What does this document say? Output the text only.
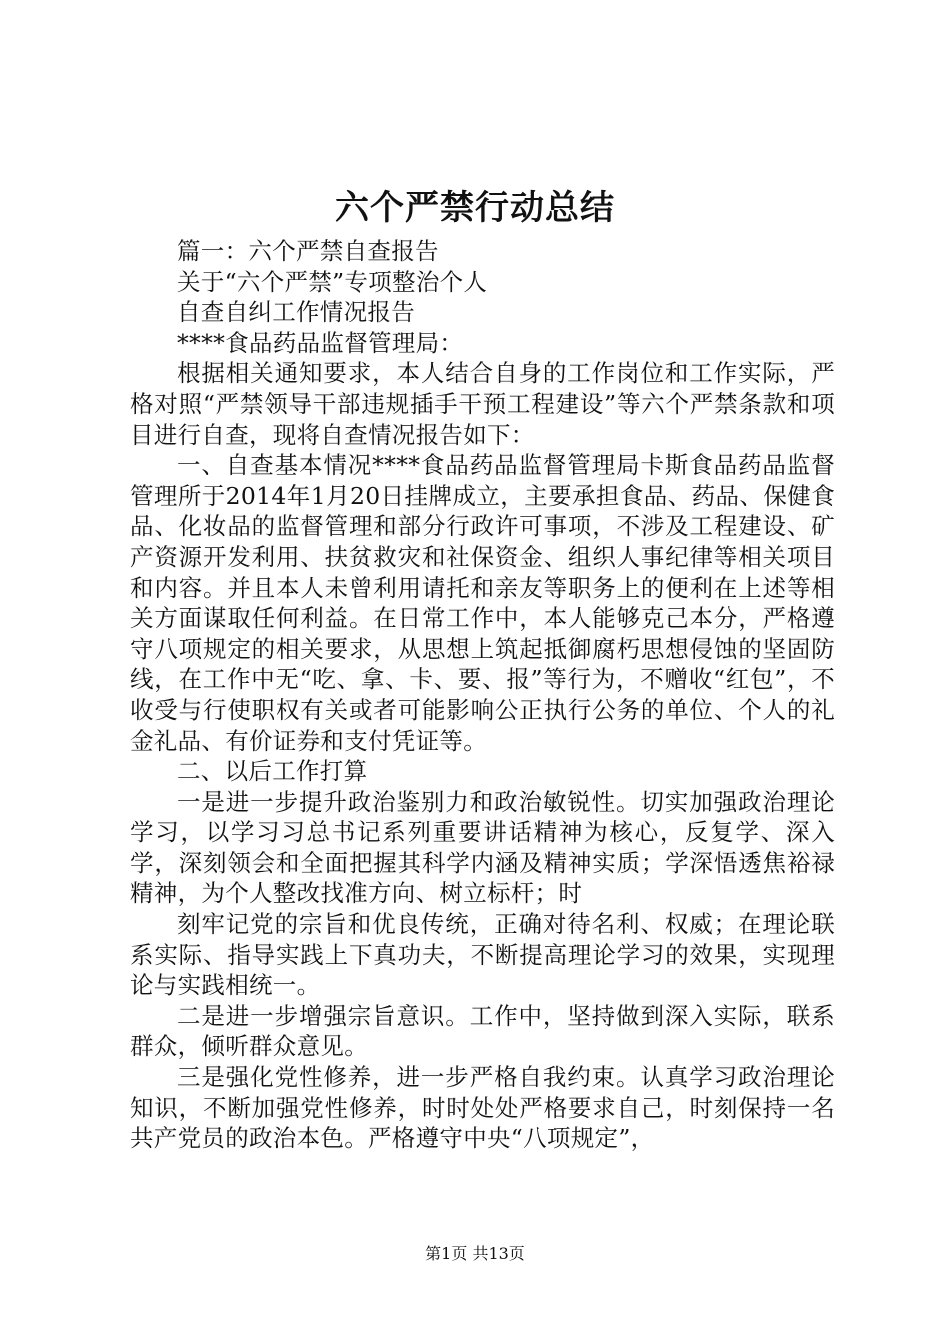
六个严禁行动总结

篇一：六个严禁自查报告

关于“六个严禁”专项整治个人

自查自纠工作情况报告

****食品药品监督管理局：

根据相关通知要求，本人结合自身的工作岗位和工作实际，严格对照“严禁领导干部违规插手干预工程建设”等六个严禁条款和项目进行自查，现将自查情况报告如下：

一、自查基本情况****食品药品监督管理局卡斯食品药品监督管理所于2014年1月20日挂牌成立，主要承担食品、药品、保健食品、化妆品的监督管理和部分行政许可事项，不涉及工程建设、矿产资源开发利用、扶贫救灾和社保资金、组织人事纪律等相关项目和内容。并且本人未曾利用请托和亲友等职务上的便利在上述等相关方面谋取任何利益。在日常工作中，本人能够克己本分，严格遵守八项规定的相关要求，从思想上筑起抵御腐朽思想侵蚀的坚固防线，在工作中无“吃、拿、卡、要、报”等行为，不赠收“红包”，不收受与行使职权有关或者可能影响公正执行公务的单位、个人的礼金礼品、有价证券和支付凭证等。

二、以后工作打算

一是进一步提升政治鉴别力和政治敏锐性。切实加强政治理论学习，以学习习总书记系列重要讲话精神为核心，反复学、深入学，深刻领会和全面把握其科学内涵及精神实质；学深悟透焦裕禄精神，为个人整改找准方向、树立标杆；时

刻牢记党的宗旨和优良传统，正确对待名利、权威；在理论联系实际、指导实践上下真功夫，不断提高理论学习的效果，实现理论与实践相统一。

二是进一步增强宗旨意识。工作中，坚持做到深入实际，联系群众，倾听群众意见。

三是强化党性修养，进一步严格自我约束。认真学习政治理论知识，不断加强党性修养，时时处处严格要求自己，时刻保持一名共产党员的政治本色。严格遵守中央“八项规定”，

第1页 共13页
